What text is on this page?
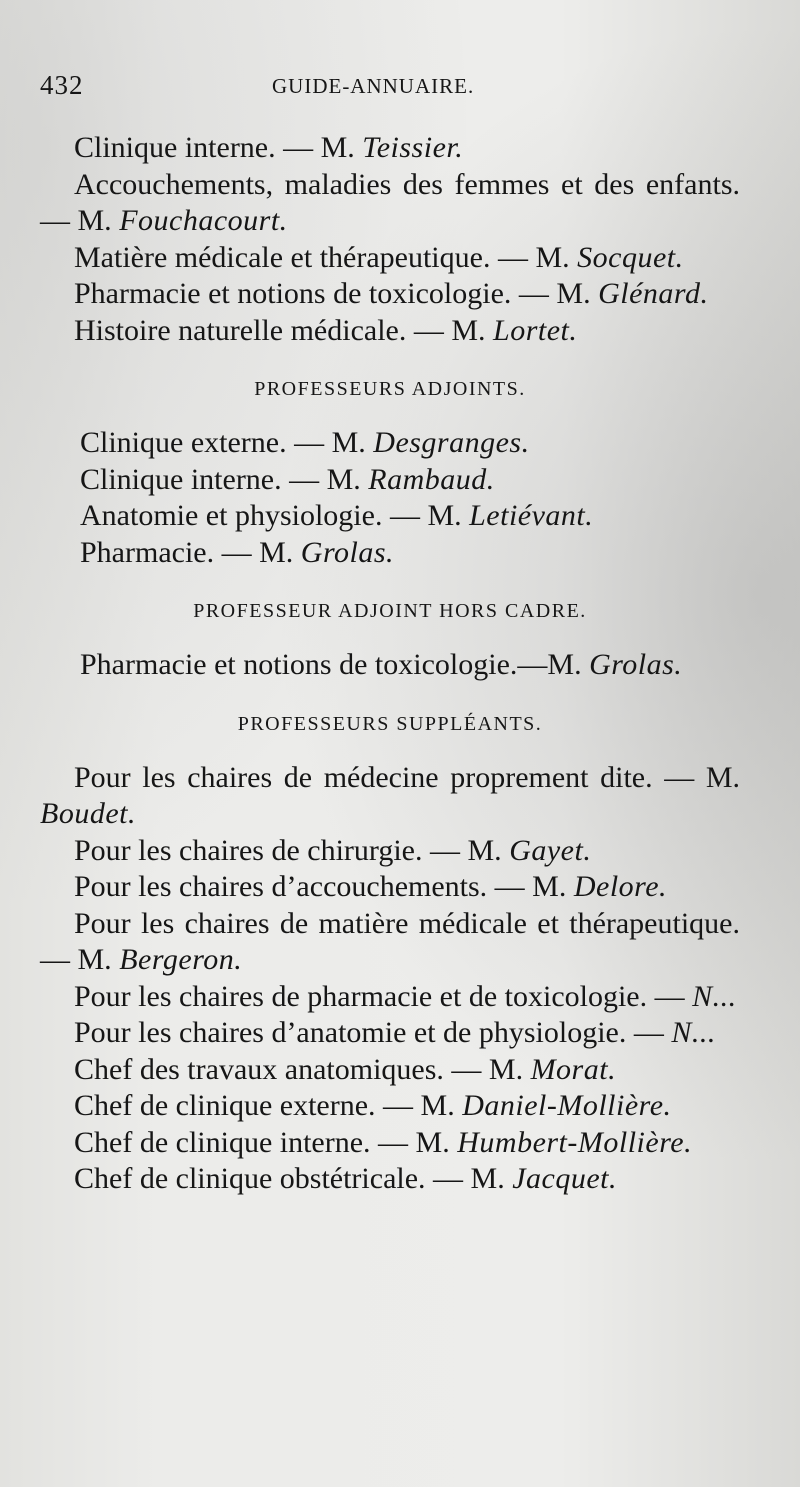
432	GUIDE-ANNUAIRE.

Clinique interne. — M. Teissier.

Accouchements, maladies des femmes et des enfants. — M. Fouchacourt.

Matière médicale et thérapeutique. — M. Socquet.

Pharmacie et notions de toxicologie. — M. Glénard.

Histoire naturelle médicale. — M. Lortet.

PROFESSEURS ADJOINTS.

Clinique externe. — M. Desgranges.

Clinique interne. — M. Rambaud.

Anatomie et physiologie. — M. Letiévant.

Pharmacie. — M. Grolas.

PROFESSEUR ADJOINT HORS CADRE.

Pharmacie et notions de toxicologie.—M. Grolas.

PROFESSEURS SUPPLÉANTS.

Pour les chaires de médecine proprement dite. — M. Boudet.

Pour les chaires de chirurgie. — M. Gayet.

Pour les chaires d’accouchements. — M. Delore.

Pour les chaires de matière médicale et thérapeutique. — M. Bergeron.

Pour les chaires de pharmacie et de toxicologie. — N...

Pour les chaires d’anatomie et de physiologie. — N...

Chef des travaux anatomiques. — M. Morat.

Chef de clinique externe. — M. Daniel-Mollière.

Chef de clinique interne. — M. Humbert-Mollière.

Chef de clinique obstétricale. — M. Jacquet.
